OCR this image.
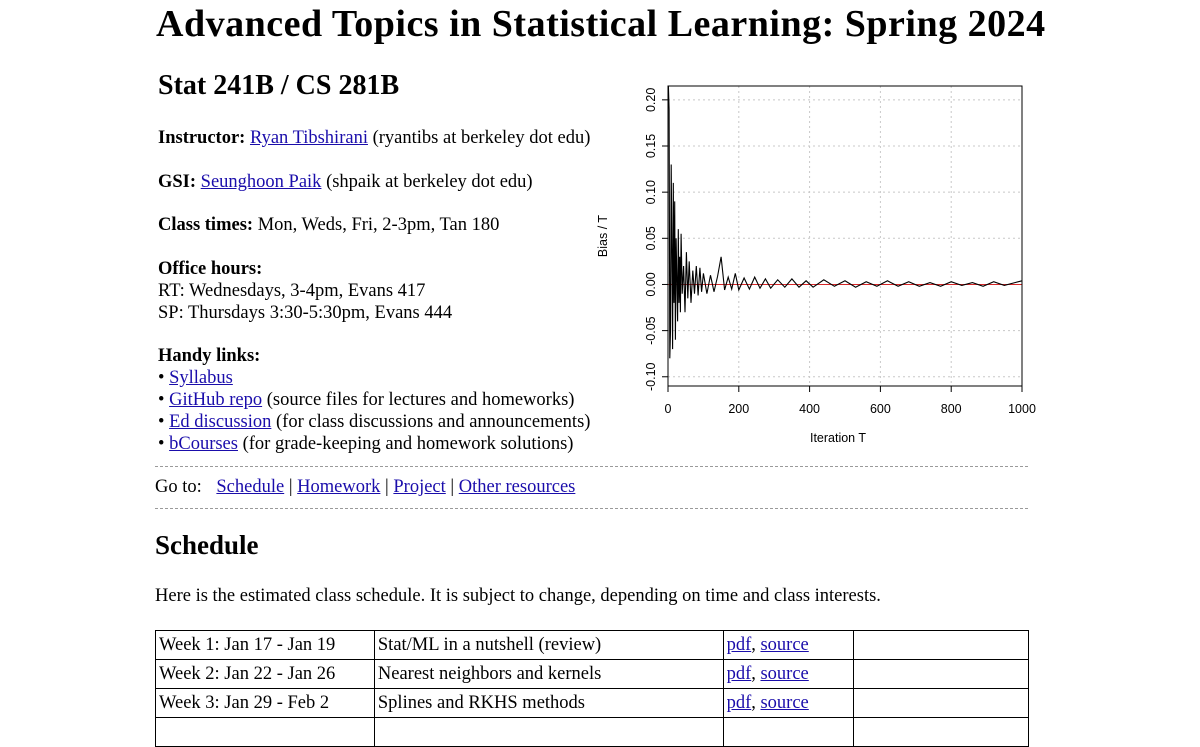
Advanced Topics in Statistical Learning: Spring 2024
Stat 241B / CS 281B
Instructor: Ryan Tibshirani (ryantibs at berkeley dot edu)
GSI: Seunghoon Paik (shpaik at berkeley dot edu)
Class times: Mon, Weds, Fri, 2-3pm, Tan 180
Office hours:
RT: Wednesdays, 3-4pm, Evans 417
SP: Thursdays 3:30-5:30pm, Evans 444
Handy links:
• Syllabus
• GitHub repo (source files for lectures and homeworks)
• Ed discussion (for class discussions and announcements)
• bCourses (for grade-keeping and homework solutions)
0	200	400	600	800	1000
-0.10
-0.05
0.00
0.05
0.10
0.15
0.20
Iteration T
Bias / T
Go to: Schedule | Homework | Project | Other resources
Schedule
Here is the estimated class schedule. It is subject to change, depending on time and class interests.
Week 1: Jan 17 - Jan 19	Stat/ML in a nutshell (review)	pdf, source	
Week 2: Jan 22 - Jan 26	Nearest neighbors and kernels	pdf, source	
Week 3: Jan 29 - Feb 2	Splines and RKHS methods	pdf, source	
